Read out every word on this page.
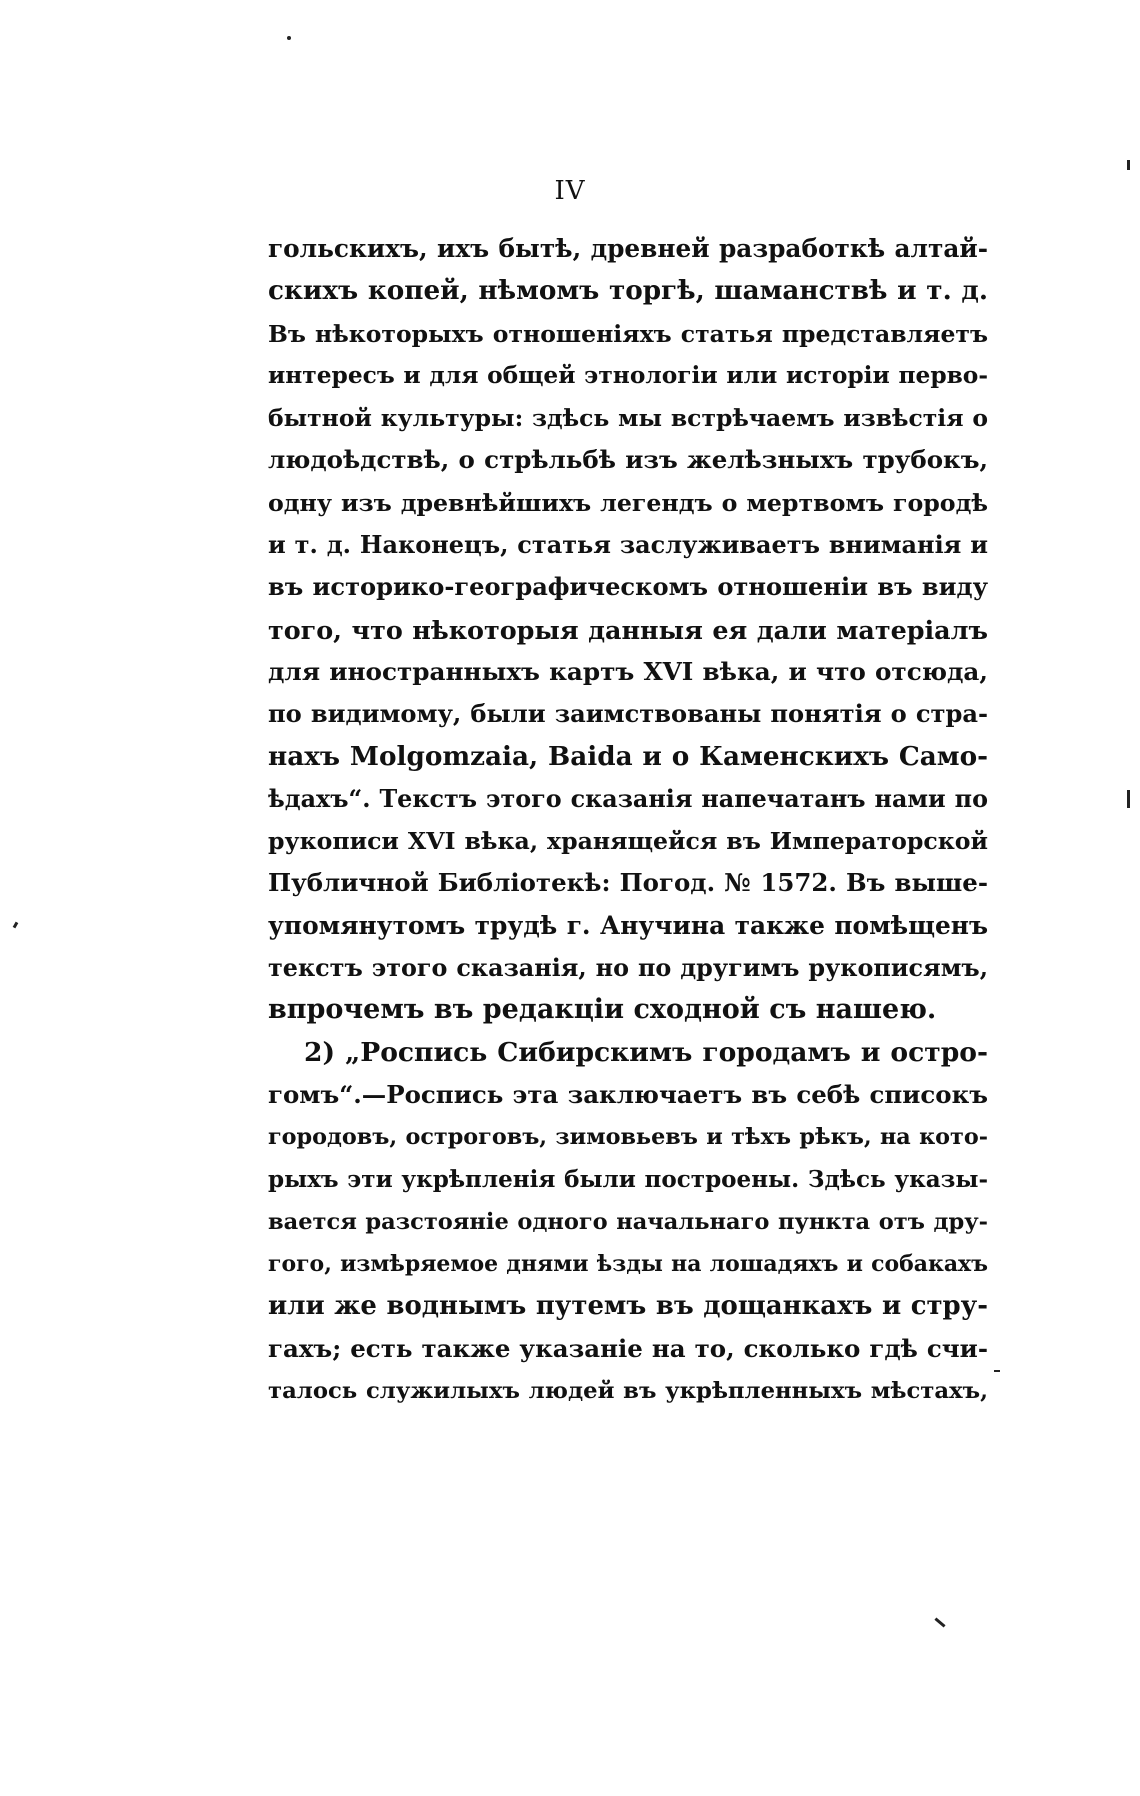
IV
гольскихъ, ихъ бытѣ, древней разработкѣ алтай-
скихъ копей, нѣмомъ торгѣ, шаманствѣ и т. д.
Въ нѣкоторыхъ отношеніяхъ статья представляетъ
интересъ и для общей этнологіи или исторіи перво-
бытной культуры: здѣсь мы встрѣчаемъ извѣстія о
людоѣдствѣ, о стрѣльбѣ изъ желѣзныхъ трубокъ,
одну изъ древнѣйшихъ легендъ о мертвомъ городѣ
и т. д. Наконецъ, статья заслуживаетъ вниманія и
въ историко-географическомъ отношеніи въ виду
того, что нѣкоторыя данныя ея дали матеріалъ
для иностранныхъ картъ XVI вѣка, и что отсюда,
по видимому, были заимствованы понятія о стра-
нахъ Molgomzaia, Baida и о Каменскихъ Само-
ѣдахъ“. Текстъ этого сказанія напечатанъ нами по
рукописи XVI вѣка, хранящейся въ Императорской
Публичной Библіотекѣ: Погод. № 1572. Въ выше-
упомянутомъ трудѣ г. Анучина также помѣщенъ
текстъ этого сказанія, но по другимъ рукописямъ,
впрочемъ въ редакціи сходной съ нашею.
2) „Роспись Сибирскимъ городамъ и остро-
гомъ“.—Роспись эта заключаетъ въ себѣ списокъ
городовъ, остроговъ, зимовьевъ и тѣхъ рѣкъ, на кото-
рыхъ эти укрѣпленія были построены. Здѣсь указы-
вается разстояніе одного начальнаго пункта отъ дру-
гого, измѣряемое днями ѣзды на лошадяхъ и собакахъ
или же воднымъ путемъ въ дощанкахъ и стру-
гахъ; есть также указаніе на то, сколько гдѣ счи-
талось служилыхъ людей въ укрѣпленныхъ мѣстахъ,
